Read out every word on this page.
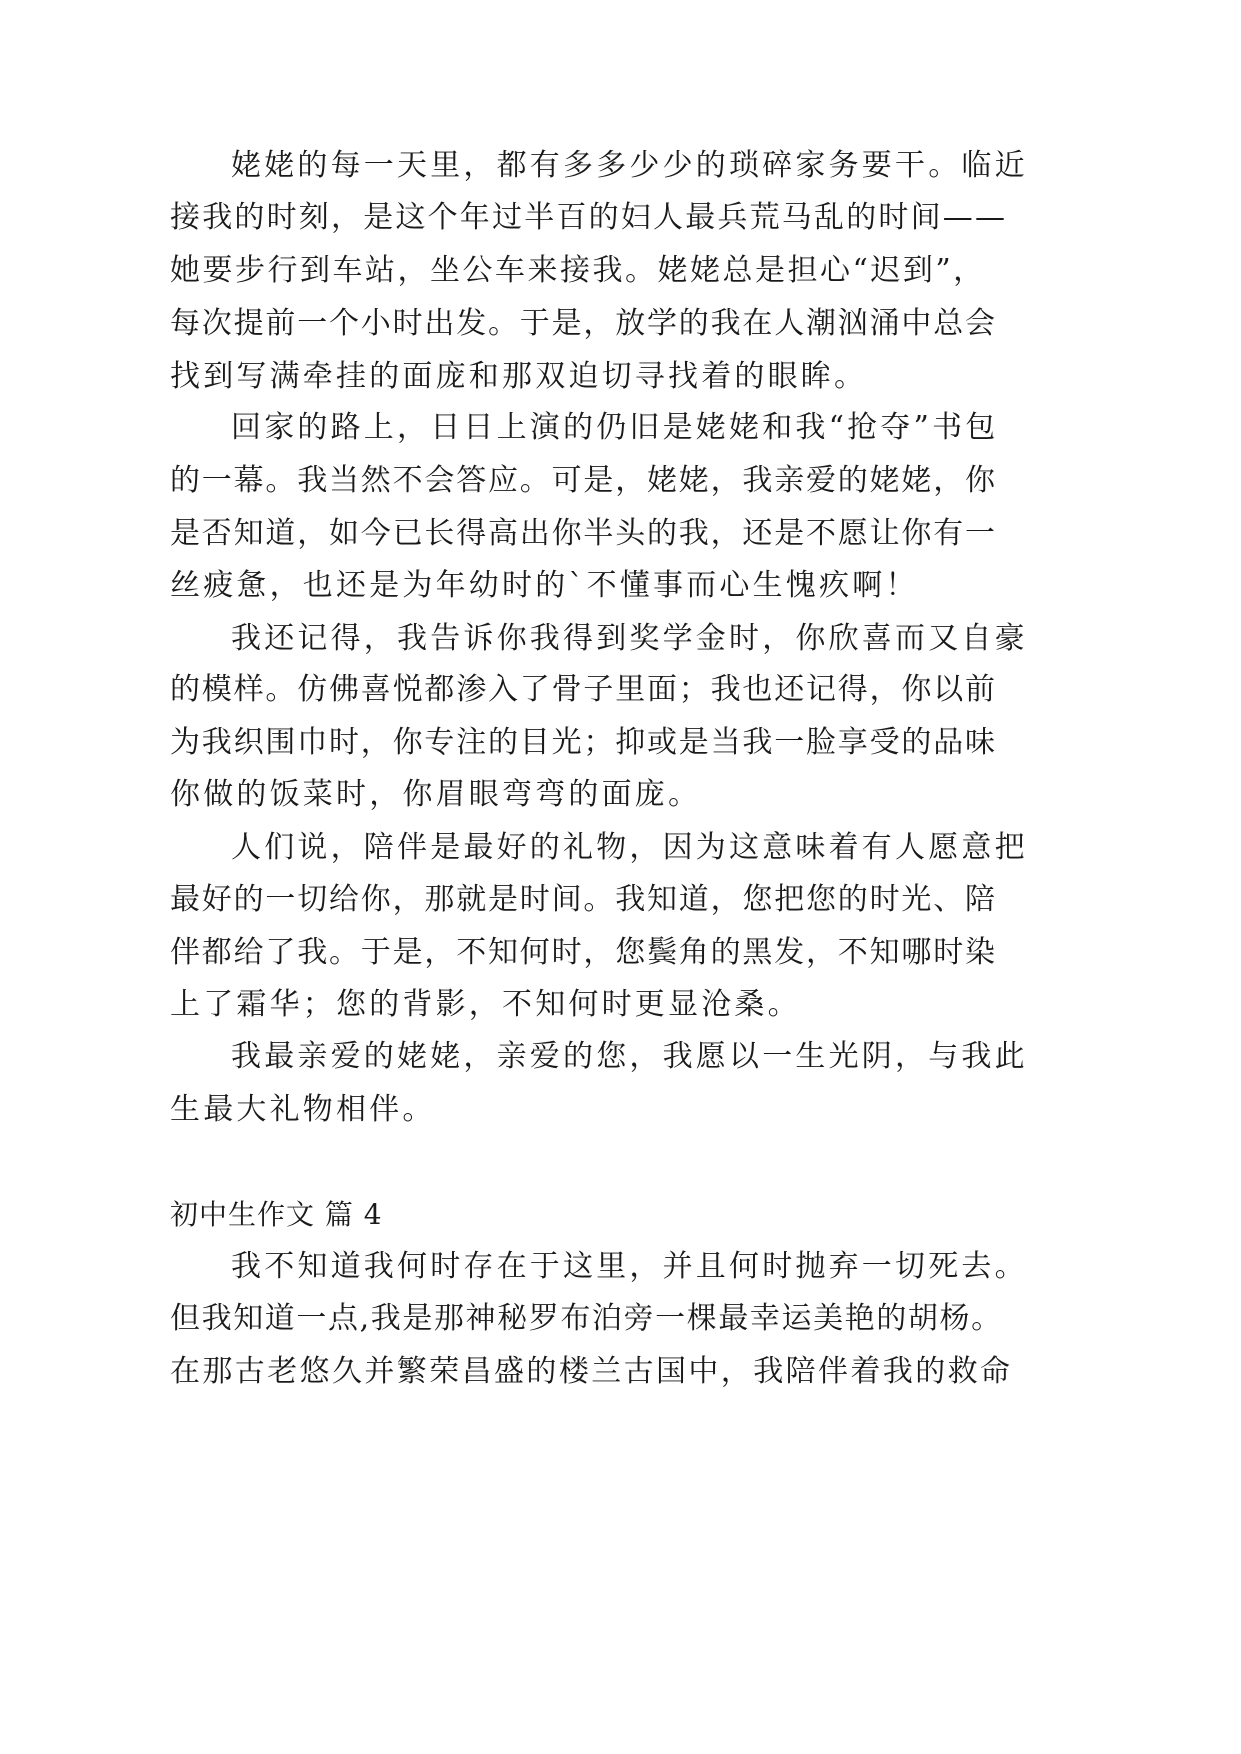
姥姥的每一天里，都有多多少少的琐碎家务要干。临近
接我的时刻，是这个年过半百的妇人最兵荒马乱的时间——
她要步行到车站，坐公车来接我。姥姥总是担心“迟到”，
每次提前一个小时出发。于是，放学的我在人潮汹涌中总会
找到写满牵挂的面庞和那双迫切寻找着的眼眸。
回家的路上，日日上演的仍旧是姥姥和我“抢夺”书包
的一幕。我当然不会答应。可是，姥姥，我亲爱的姥姥，你
是否知道，如今已长得高出你半头的我，还是不愿让你有一
丝疲惫，也还是为年幼时的`不懂事而心生愧疚啊！
我还记得，我告诉你我得到奖学金时，你欣喜而又自豪
的模样。仿佛喜悦都渗入了骨子里面；我也还记得，你以前
为我织围巾时，你专注的目光；抑或是当我一脸享受的品味
你做的饭菜时，你眉眼弯弯的面庞。
人们说，陪伴是最好的礼物，因为这意味着有人愿意把
最好的一切给你，那就是时间。我知道，您把您的时光、陪
伴都给了我。于是，不知何时，您鬓角的黑发，不知哪时染
上了霜华；您的背影，不知何时更显沧桑。
我最亲爱的姥姥，亲爱的您，我愿以一生光阴，与我此
生最大礼物相伴。
初中生作文 篇 4
我不知道我何时存在于这里，并且何时抛弃一切死去。
但我知道一点,我是那神秘罗布泊旁一棵最幸运美艳的胡杨。
在那古老悠久并繁荣昌盛的楼兰古国中，我陪伴着我的救命
